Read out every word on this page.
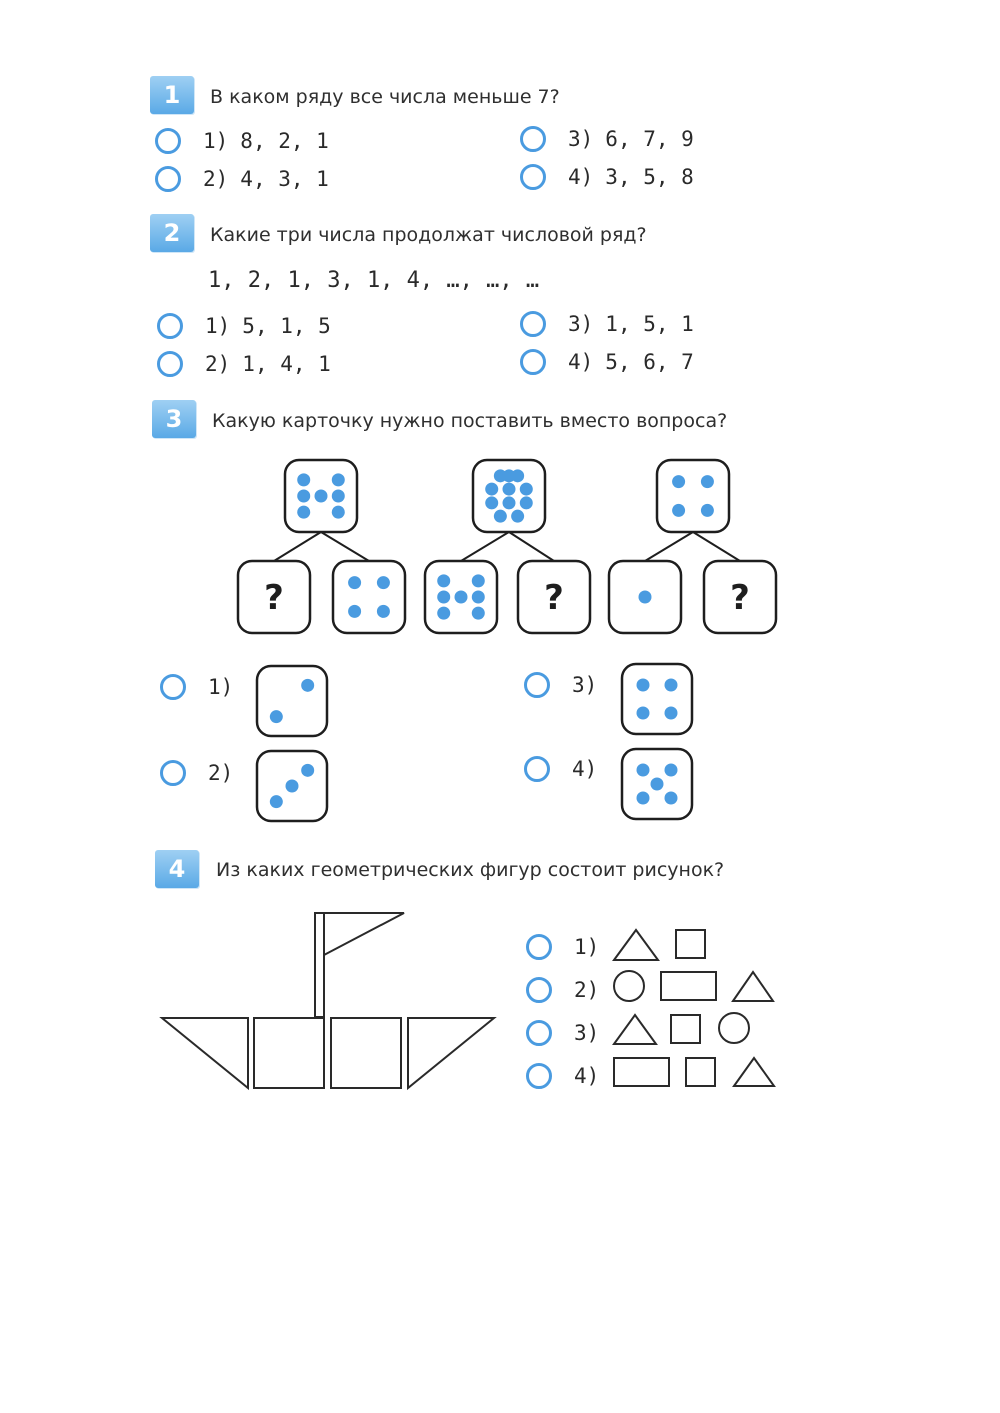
1	В каком ряду все числа меньше 7?
1) 8, 2, 1
2) 4, 3, 1
3) 6, 7, 9
4) 3, 5, 8
2	Какие три числа продолжат числовой ряд?
1, 2, 1, 3, 1, 4, …, …, …
1) 5, 1, 5
2) 1, 4, 1
3) 1, 5, 1
4) 5, 6, 7
3	Какую карточку нужно поставить вместо вопроса?
?	?	?
1)
2)
3)
4)
4	Из каких геометрических фигур состоит рисунок?
1)
2)
3)
4)
